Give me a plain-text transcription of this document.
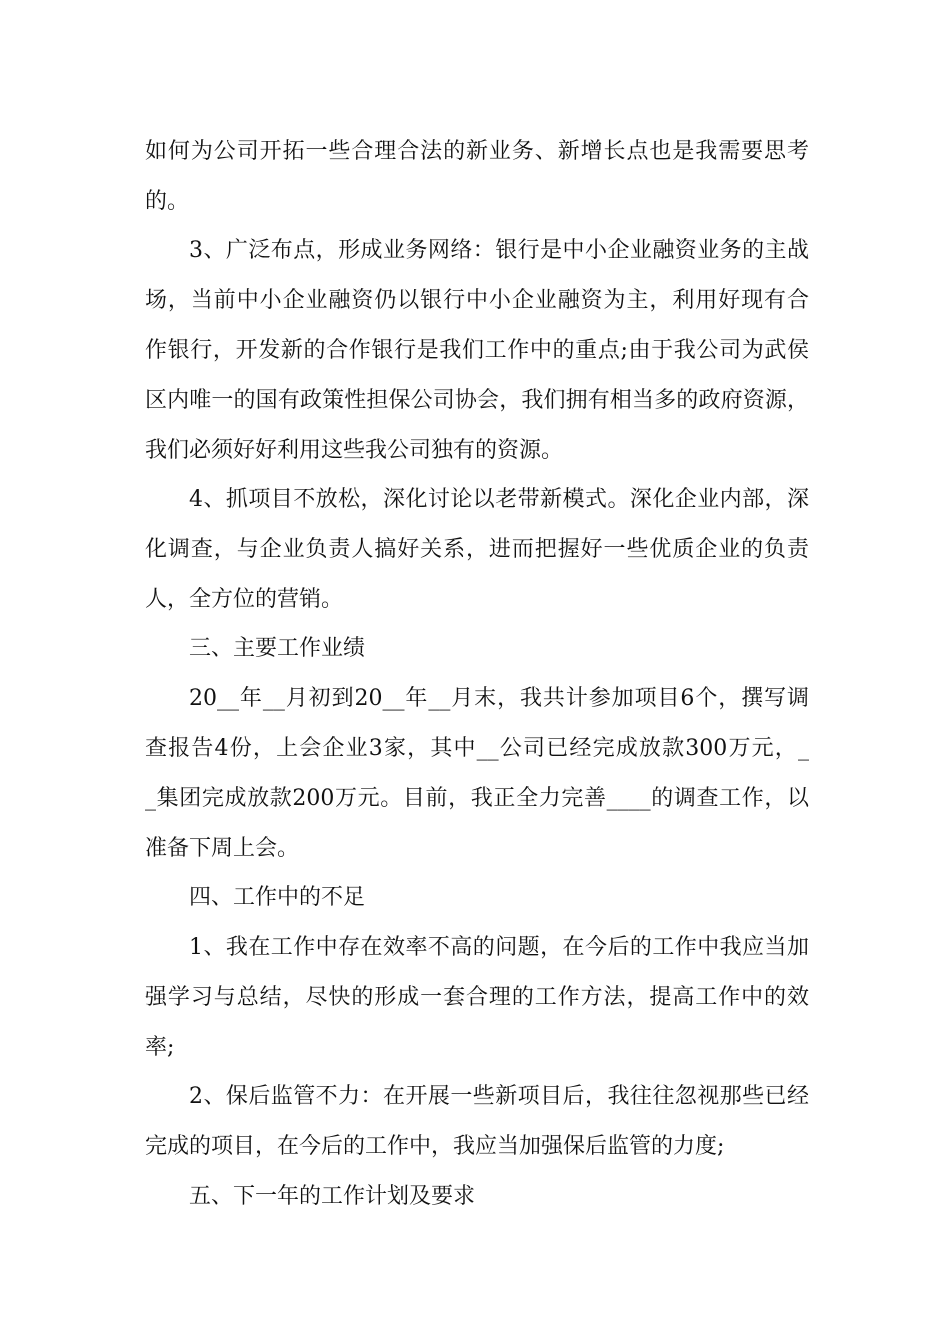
如何为公司开拓一些合理合法的新业务、新增长点也是我需要思考
的。
3、广泛布点，形成业务网络：银行是中小企业融资业务的主战
场，当前中小企业融资仍以银行中小企业融资为主，利用好现有合
作银行，开发新的合作银行是我们工作中的重点;由于我公司为武侯
区内唯一的国有政策性担保公司协会，我们拥有相当多的政府资源，
我们必须好好利用这些我公司独有的资源。
4、抓项目不放松，深化讨论以老带新模式。深化企业内部，深
化调查，与企业负责人搞好关系，进而把握好一些优质企业的负责
人，全方位的营销。
三、主要工作业绩
20__年__月初到20__年__月末，我共计参加项目6个，撰写调
查报告4份，上会企业3家，其中__公司已经完成放款300万元，_
_集团完成放款200万元。目前，我正全力完善____的调查工作，以
准备下周上会。
四、工作中的不足
1、我在工作中存在效率不高的问题，在今后的工作中我应当加
强学习与总结，尽快的形成一套合理的工作方法，提高工作中的效
率;
2、保后监管不力：在开展一些新项目后，我往往忽视那些已经
完成的项目，在今后的工作中，我应当加强保后监管的力度;
五、下一年的工作计划及要求
